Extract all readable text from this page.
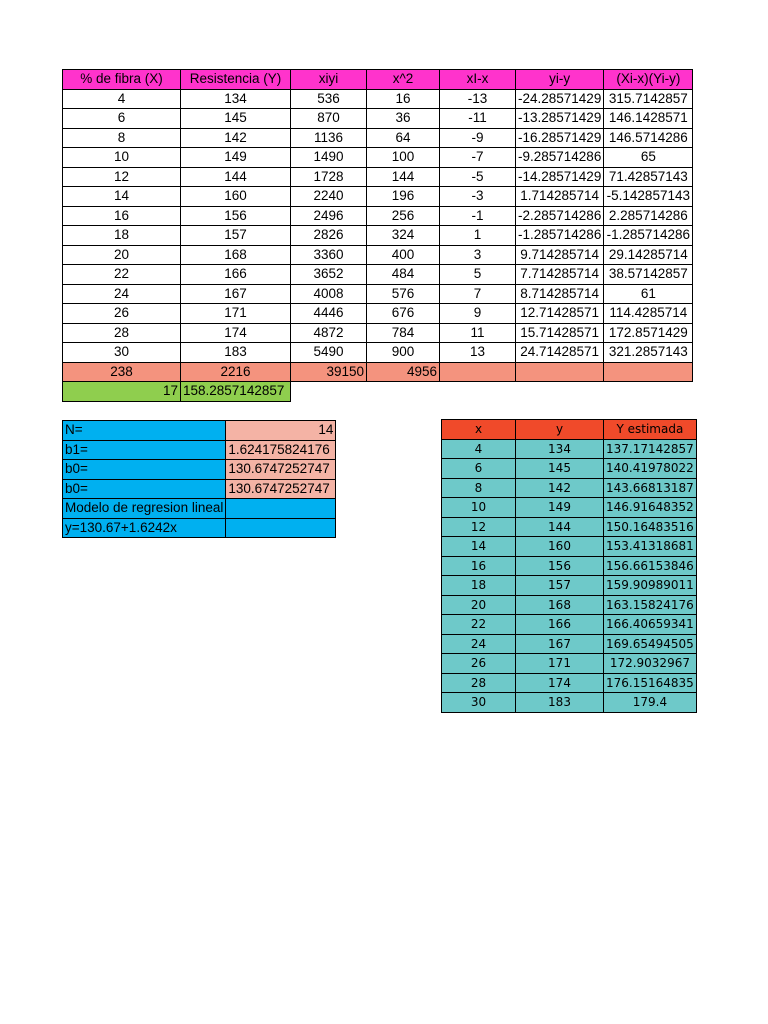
% de fibra (X)	Resistencia (Y)	xiyi	x^2	xI-x	yi-y	(Xi-x)(Yi-y)
4	134	536	16	-13	-24.28571429	315.7142857
6	145	870	36	-11	-13.28571429	146.1428571
8	142	1136	64	-9	-16.28571429	146.5714286
10	149	1490	100	-7	-9.285714286	65
12	144	1728	144	-5	-14.28571429	71.42857143
14	160	2240	196	-3	1.714285714	-5.142857143
16	156	2496	256	-1	-2.285714286	2.285714286
18	157	2826	324	1	-1.285714286	-1.285714286
20	168	3360	400	3	9.714285714	29.14285714
22	166	3652	484	5	7.714285714	38.57142857
24	167	4008	576	7	8.714285714	61
26	171	4446	676	9	12.71428571	114.4285714
28	174	4872	784	11	15.71428571	172.8571429
30	183	5490	900	13	24.71428571	321.2857143
238	2216	39150	4956			
17	158.2857142857					
N=	14
b1=	1.624175824176
b0=	130.6747252747
b0=	130.6747252747
Modelo de regresion lineal	
y=130.67+1.6242x	
x	y	Y estimada
4	134	137.17142857
6	145	140.41978022
8	142	143.66813187
10	149	146.91648352
12	144	150.16483516
14	160	153.41318681
16	156	156.66153846
18	157	159.90989011
20	168	163.15824176
22	166	166.40659341
24	167	169.65494505
26	171	172.9032967
28	174	176.15164835
30	183	179.4
